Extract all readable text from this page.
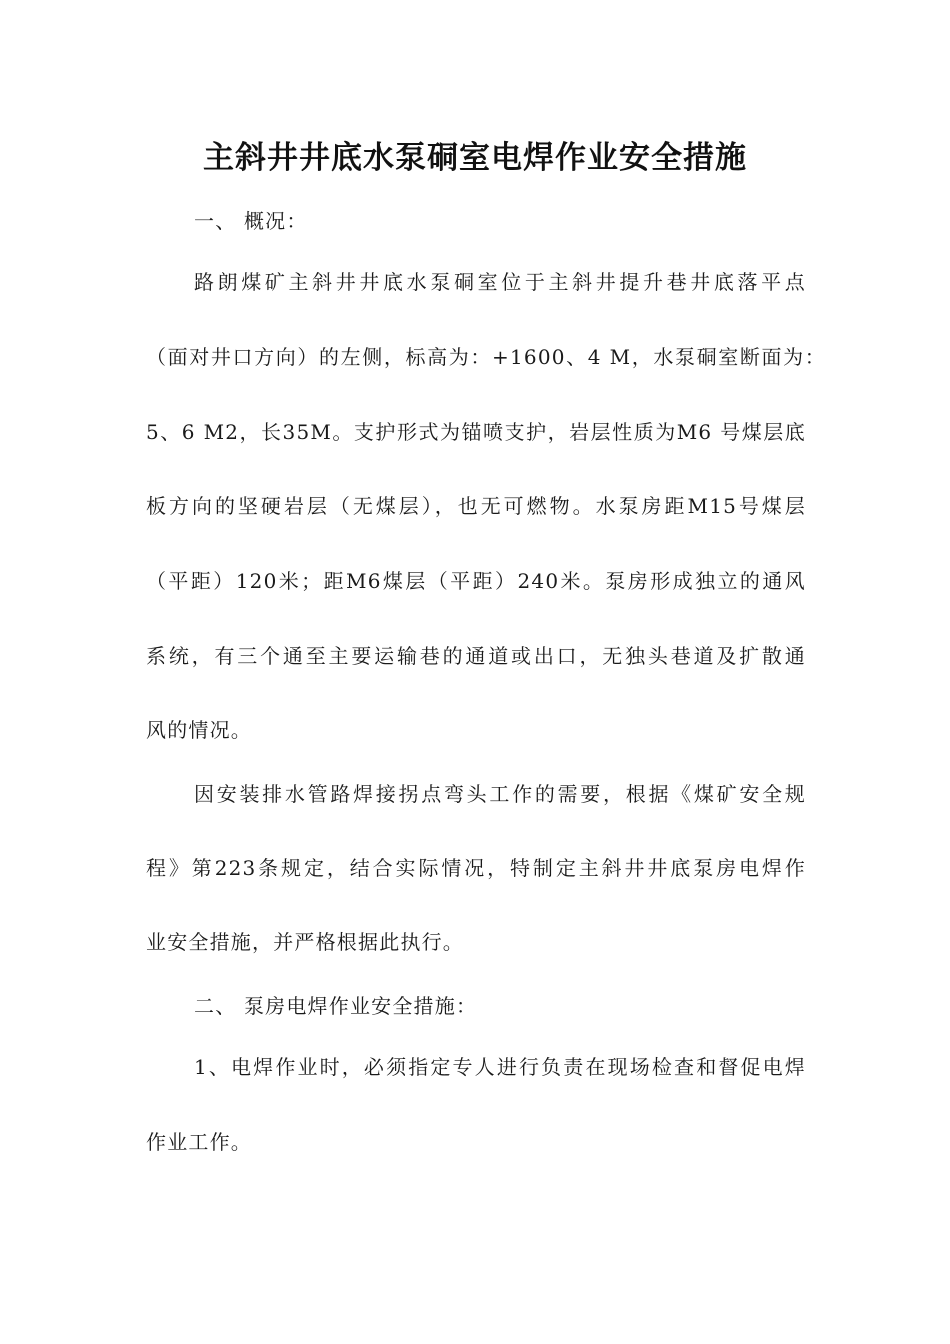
主斜井井底水泵硐室电焊作业安全措施
一、 概况：
路朗煤矿主斜井井底水泵硐室位于主斜井提升巷井底落平点
（面对井口方向）的左侧，标高为：+1600、4 M，水泵硐室断面为：
5、6 M2，长35M。支护形式为锚喷支护，岩层性质为M6 号煤层底
板方向的坚硬岩层（无煤层），也无可燃物。水泵房距M15号煤层
（平距）120米；距M6煤层（平距）240米。泵房形成独立的通风
系统，有三个通至主要运输巷的通道或出口，无独头巷道及扩散通
风的情况。
因安装排水管路焊接拐点弯头工作的需要，根据《煤矿安全规
程》第223条规定，结合实际情况，特制定主斜井井底泵房电焊作
业安全措施，并严格根据此执行。
二、 泵房电焊作业安全措施：
1、电焊作业时，必须指定专人进行负责在现场检查和督促电焊
作业工作。
